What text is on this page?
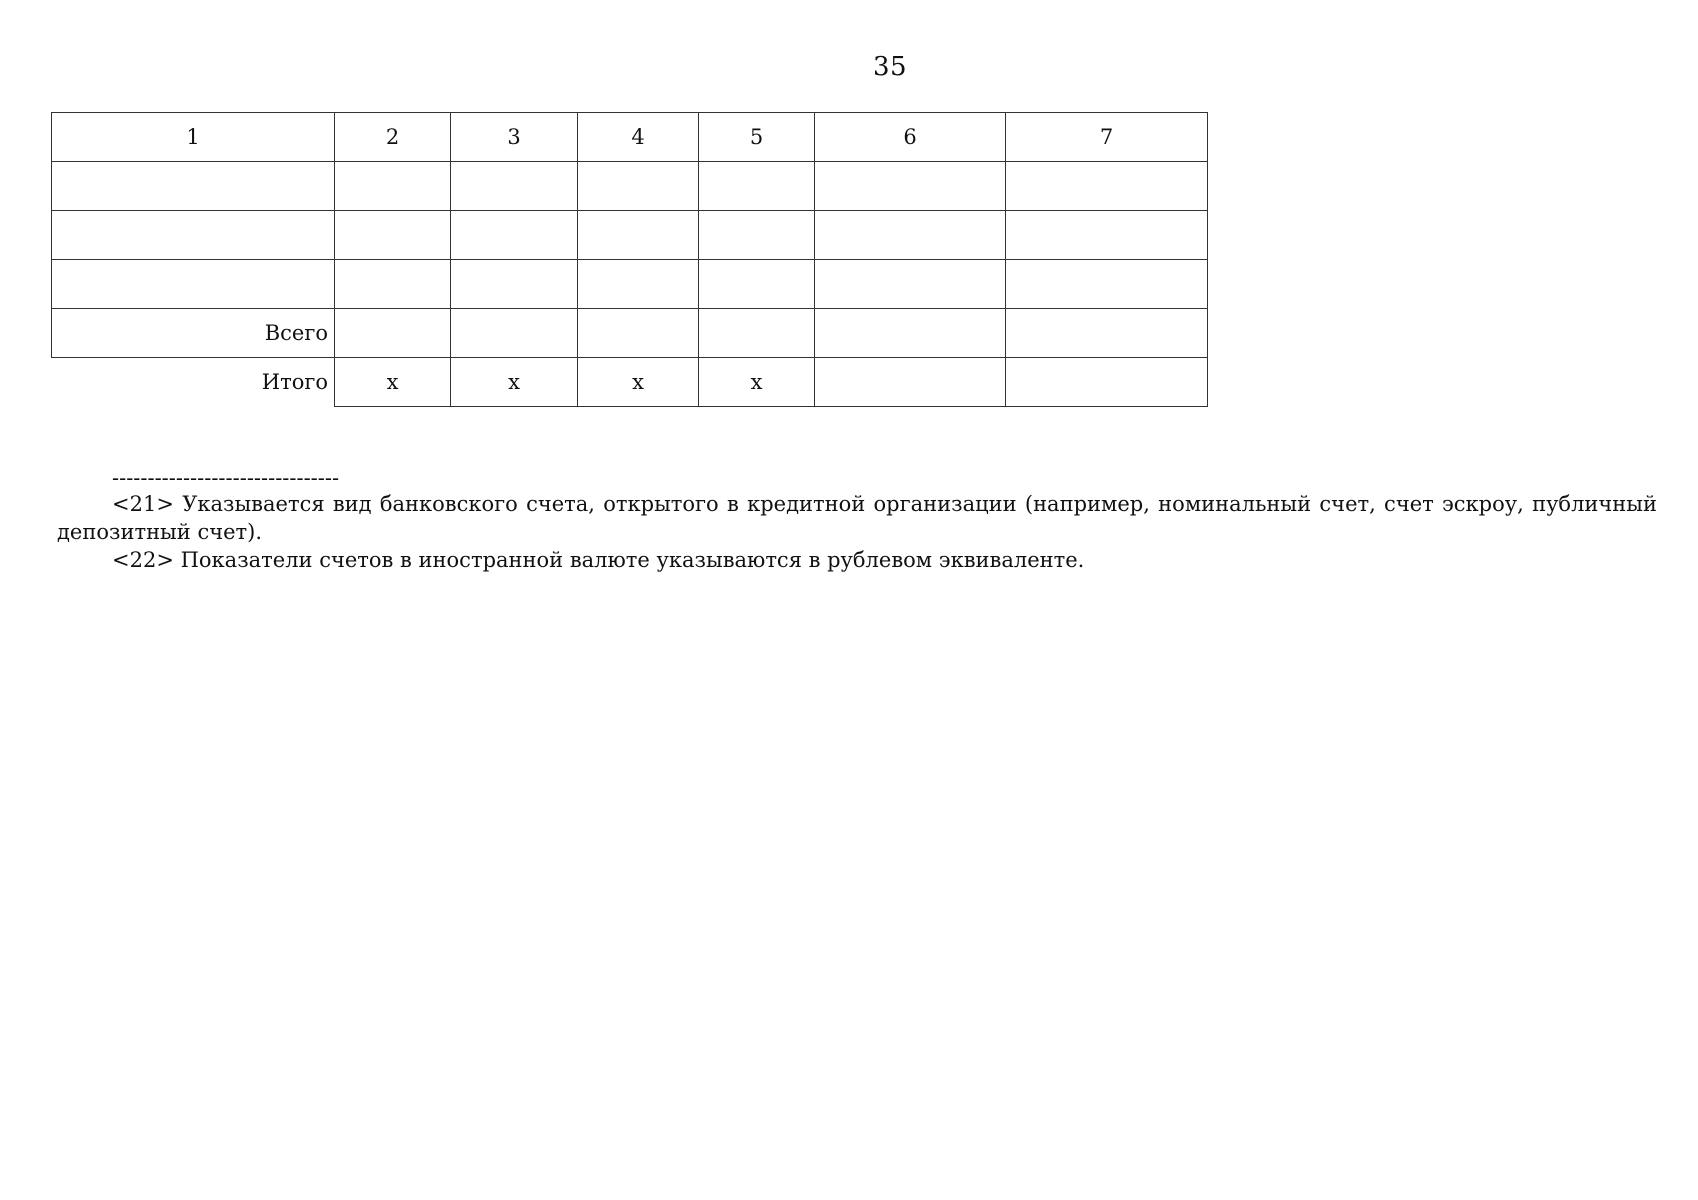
35
1	2	3	4	5	6	7

Всего						
Итого	x	x	x	x		
--------------------------------

<21> Указывается вид банковского счета, открытого в кредитной организации (например, номинальный счет, счет эскроу, публичный депозитный счет).

<22> Показатели счетов в иностранной валюте указываются в рублевом эквиваленте.
